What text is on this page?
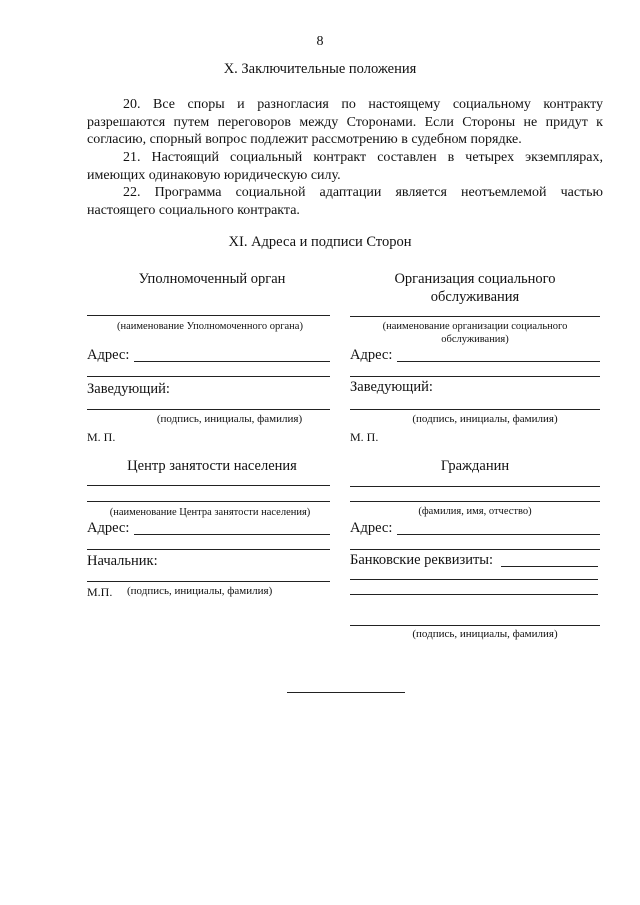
8
X. Заключительные положения
20. Все споры и разногласия по настоящему социальному контракту разрешаются путем переговоров между Сторонами. Если Стороны не придут к согласию, спорный вопрос подлежит рассмотрению в судебном порядке.
21. Настоящий социальный контракт составлен в четырех экземплярах, имеющих одинаковую юридическую силу.
22. Программа социальной адаптации является неотъемлемой частью настоящего социального контракта.
XI. Адреса и подписи Сторон
Уполномоченный орган
(наименование Уполномоченного органа)
Адрес:
Заведующий:
(подпись, инициалы, фамилия)
М. П.
Организация социального
обслуживания
(наименование организации социального
обслуживания)
Адрес:
Заведующий:
(подпись, инициалы, фамилия)
М. П.
Центр занятости населения
(наименование Центра занятости населения)
Адрес:
Начальник:
М.П. (подпись, инициалы, фамилия)
Гражданин
(фамилия, имя, отчество)
Адрес:
Банковские реквизиты:
(подпись, инициалы, фамилия)
